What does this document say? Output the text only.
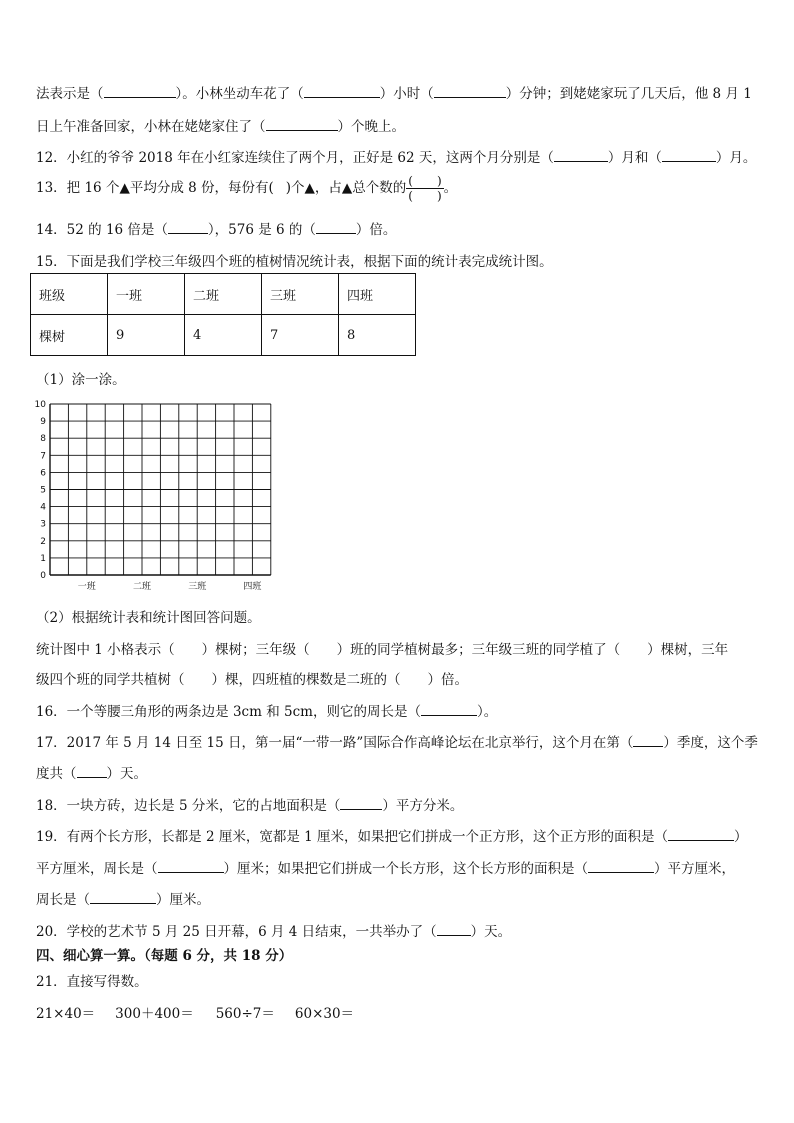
法表示是（	）。小林坐动车花了（	）小时（	）分钟；到姥姥家玩了几天后，他 8 月 1
日上午准备回家，小林在姥姥家住了（	）个晚上。
12．小红的爷爷 2018 年在小红家连续住了两个月，正好是 62 天，这两个月分别是（	）月和（	）月。
13．把 16 个▲平均分成 8 份，每份有( )个▲，占▲总个数的 $\frac{( )}{( )}$ 。
14．52 的 16 倍是（	），576 是 6 的（	）倍。
15．下面是我们学校三年级四个班的植树情况统计表，根据下面的统计表完成统计图。
班级	一班	二班	三班	四班
棵树	9	4	7	8
（1）涂一涂。
0
1
2
3
4
5
6
7
8
9
10
一班	二班	三班	四班
（2）根据统计表和统计图回答问题。
统计图中 1 小格表示（　　）棵树；三年级（　　）班的同学植树最多；三年级三班的同学植了（　　）棵树，三年
级四个班的同学共植树（　　）棵，四班植的棵数是二班的（　　）倍。
16．一个等腰三角形的两条边是 3cm 和 5cm，则它的周长是（	）。
17．2017 年 5 月 14 日至 15 日，第一届“一带一路”国际合作高峰论坛在北京举行，这个月在第（ ）季度，这个季
度共（ ）天。
18．一块方砖，边长是 5 分米，它的占地面积是（	）平方分米。
19．有两个长方形，长都是 2 厘米，宽都是 1 厘米，如果把它们拼成一个正方形，这个正方形的面积是（	）
平方厘米，周长是（	）厘米；如果把它们拼成一个长方形，这个长方形的面积是（	）平方厘米，
周长是（	）厘米。
20．学校的艺术节 5 月 25 日开幕，6 月 4 日结束，一共举办了（	）天。
四、细心算一算。（每题 6 分，共 18 分）
21．直接写得数。
21×40＝ 300＋400＝ 560÷7＝ 60×30＝
